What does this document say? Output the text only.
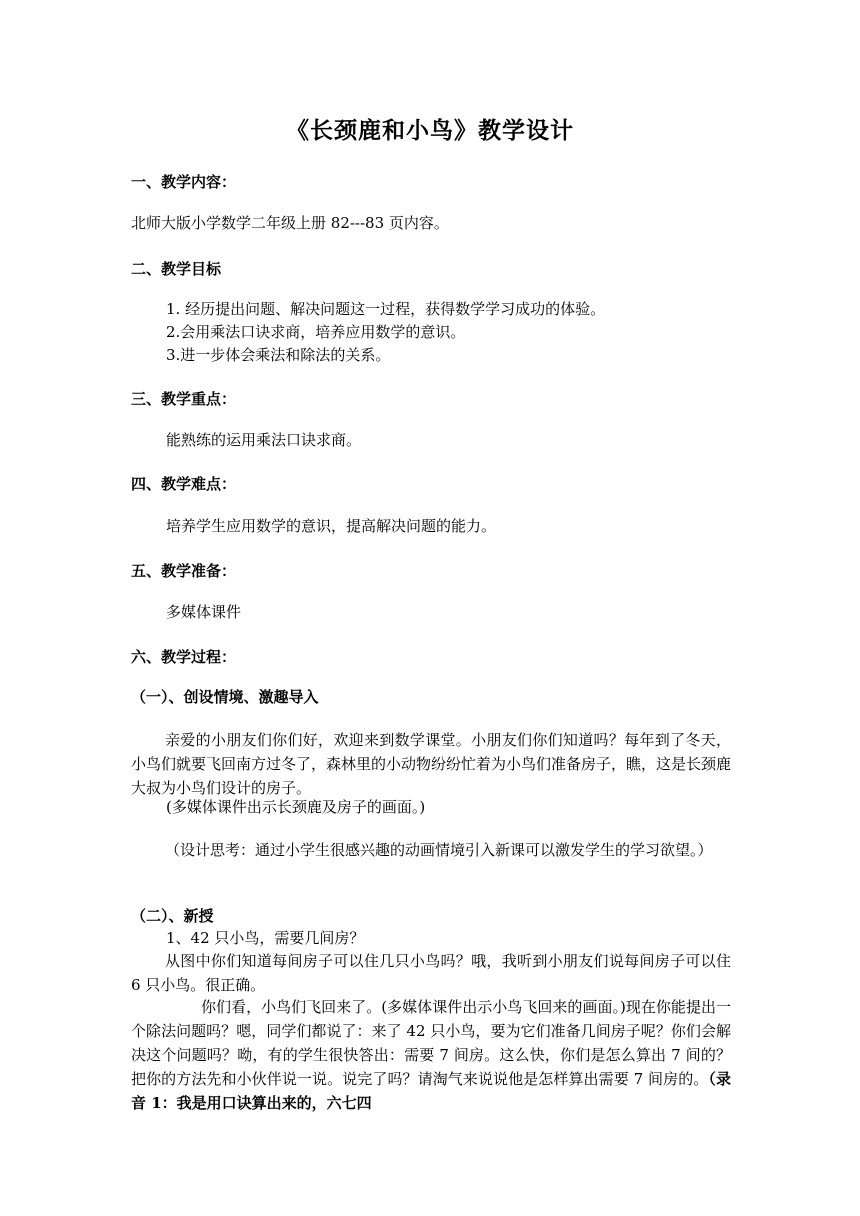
《长颈鹿和小鸟》教学设计
一、教学内容：
北师大版小学数学二年级上册 82---83 页内容。
二、教学目标
1. 经历提出问题、解决问题这一过程，获得数学学习成功的体验。
2.会用乘法口诀求商，培养应用数学的意识。
3.进一步体会乘法和除法的关系。
三、教学重点：
能熟练的运用乘法口诀求商。
四、教学难点：
培养学生应用数学的意识，提高解决问题的能力。
五、教学准备：
多媒体课件
六、教学过程：
（一）、创设情境、激趣导入
亲爱的小朋友们你们好，欢迎来到数学课堂。小朋友们你们知道吗？每年到了冬天，小鸟们就要飞回南方过冬了，森林里的小动物纷纷忙着为小鸟们准备房子，瞧，这是长颈鹿大叔为小鸟们设计的房子。
(多媒体课件出示长颈鹿及房子的画面。)
（设计思考：通过小学生很感兴趣的动画情境引入新课可以激发学生的学习欲望。）
（二）、新授
1、42 只小鸟，需要几间房？
从图中你们知道每间房子可以住几只小鸟吗？哦，我听到小朋友们说每间房子可以住 6 只小鸟。很正确。
你们看，小鸟们飞回来了。(多媒体课件出示小鸟飞回来的画面。)现在你能提出一个除法问题吗？嗯，同学们都说了：来了 42 只小鸟，要为它们准备几间房子呢？你们会解决这个问题吗？呦，有的学生很快答出：需要 7 间房。这么快，你们是怎么算出 7 间的？把你的方法先和小伙伴说一说。说完了吗？请淘气来说说他是怎样算出需要 7 间房的。（录音 1：我是用口诀算出来的，六七四
